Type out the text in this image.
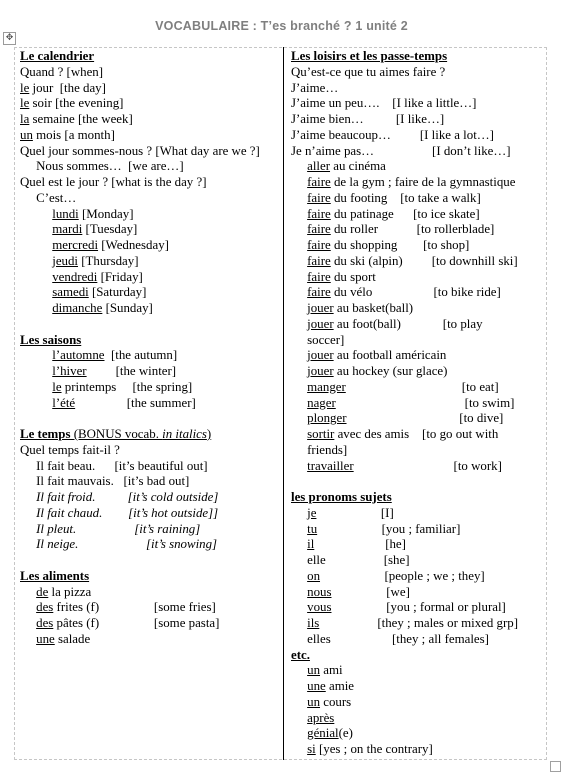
VOCABULAIRE : T’es branché ? 1 unité 2
✥
Le calendrier
Quand ? [when]
le jour  [the day]
le soir [the evening]
la semaine [the week]
un mois [a month]
Quel jour sommes-nous ? [What day are we ?]
Nous sommes…  [we are…]
Quel est le jour ? [what is the day ?]
C’est…
lundi [Monday]
mardi [Tuesday]
mercredi [Wednesday]
jeudi [Thursday]
vendredi [Friday]
samedi [Saturday]
dimanche [Sunday]
Les saisons
l’automne  [the autumn]
l’hiver         [the winter]
le printemps     [the spring]
l’été                [the summer]
Le temps (BONUS vocab. in italics)
Quel temps fait-il ?
Il fait beau.      [it’s beautiful out]
Il fait mauvais.   [it’s bad out]
Il fait froid.          [it’s cold outside]
Il fait chaud.        [it’s hot outside]]
Il pleut.                  [it’s raining]
Il neige.                     [it’s snowing]
Les aliments
de la pizza
des frites (f)                 [some fries]
des pâtes (f)                 [some pasta]
une salade
Les loisirs et les passe-temps
Qu’est-ce que tu aimes faire ?
J’aime…
J’aime un peu….    [I like a little…]
J’aime bien…          [I like…]
J’aime beaucoup…         [I like a lot…]
Je n’aime pas…                  [I don’t like…]
aller au cinéma
faire de la gym ; faire de la gymnastique
faire du footing    [to take a walk]
faire du patinage      [to ice skate]
faire du roller            [to rollerblade]
faire du shopping        [to shop]
faire du ski (alpin)         [to downhill ski]
faire du sport
faire du vélo                   [to bike ride]
jouer au basket(ball)
jouer au foot(ball)             [to play
soccer]
jouer au football américain
jouer au hockey (sur glace)
manger                                    [to eat]
nager                                        [to swim]
plonger                                   [to dive]
sortir avec des amis    [to go out with
friends]
travailler                               [to work]
les pronoms sujets
je                    [I]
tu                    [you ; familiar]
il                      [he]
elle                  [she]
on                    [people ; we ; they]
nous                 [we]
vous                 [you ; formal or plural]
ils                  [they ; males or mixed grp]
elles                   [they ; all females]
etc.
un ami
une amie
un cours
après
génial(e)
si [yes ; on the contrary]
